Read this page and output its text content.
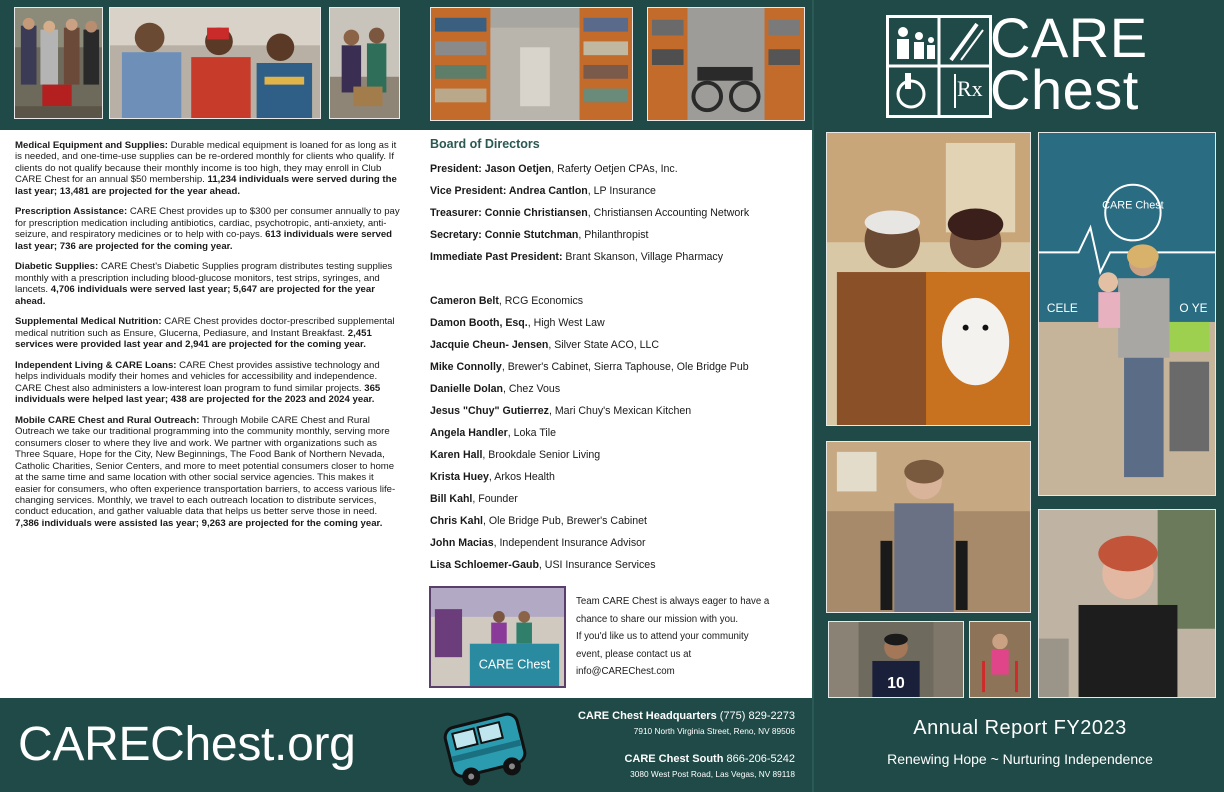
Medical Equipment and Supplies: Durable medical equipment is loaned for as long as it is needed, and one-time-use supplies can be re-ordered monthly for clients who qualify. If clients do not qualify because their monthly income is too high, they may enroll in Club CARE Chest for an annual $50 membership. 11,234 individuals were served during the last year; 13,481 are projected for the year ahead.

Prescription Assistance: CARE Chest provides up to $300 per consumer annually to pay for prescription medication including antibiotics, cardiac, psychotropic, anti-anxiety, anti-seizure, and respiratory medicines or to help with co-pays. 613 individuals were served last year; 736 are projected for the coming year.

Diabetic Supplies: CARE Chest's Diabetic Supplies program distributes testing supplies monthly with a prescription including blood-glucose monitors, test strips, syringes, and lancets. 4,706 individuals were served last year; 5,647 are projected for the year ahead.

Supplemental Medical Nutrition: CARE Chest provides doctor-prescribed supplemental medical nutrition such as Ensure, Glucerna, Pediasure, and Instant Breakfast. 2,451 services were provided last year and 2,941 are projected for the coming year.

Independent Living & CARE Loans: CARE Chest provides assistive technology and helps individuals modify their homes and vehicles for accessibility and independence. CARE Chest also administers a low-interest loan program to fund similar projects. 365 individuals were helped last year; 438 are projected for the 2023 and 2024 year.

Mobile CARE Chest and Rural Outreach: Through Mobile CARE Chest and Rural Outreach we take our traditional programming into the community monthly, serving more consumers closer to where they live and work. We partner with organizations such as Three Square, Hope for the City, New Beginnings, The Food Bank of Northern Nevada, Catholic Charities, Senior Centers, and more to meet potential consumers closer to home at the same time and same location with other social service agencies. This makes it easier for consumers, who often experience transportation barriers, to access various life-changing services. Monthly, we travel to each outreach location to distribute services, conduct education, and gather valuable data that helps us better serve those in need. 7,386 individuals were assisted las year; 9,263 are projected for the coming year.

Board of Directors
President: Jason Oetjen, Raferty Oetjen CPAs, Inc.
Vice President: Andrea Cantlon, LP Insurance
Treasurer: Connie Christiansen, Christiansen Accounting Network
Secretary: Connie Stutchman, Philanthropist
Immediate Past President: Brant Skanson, Village Pharmacy
Cameron Belt, RCG Economics
Damon Booth, Esq., High West Law
Jacquie Cheun- Jensen, Silver State ACO, LLC
Mike Connolly, Brewer's Cabinet, Sierra Taphouse, Ole Bridge Pub
Danielle Dolan, Chez Vous
Jesus "Chuy" Gutierrez, Mari Chuy's Mexican Kitchen
Angela Handler, Loka Tile
Karen Hall, Brookdale Senior Living
Krista Huey, Arkos Health
Bill Kahl, Founder
Chris Kahl, Ole Bridge Pub, Brewer's Cabinet
John Macias, Independent Insurance Advisor
Lisa Schloemer-Gaub, USI Insurance Services
CARE Chest
Team CARE Chest is always eager to have a
chance to share our mission with you.
If you'd like us to attend your community
event, please contact us at
info@CAREChest.com
CAREChest.org
CARE Chest Headquarters (775) 829-2273
7910 North Virginia Street, Reno, NV 89506
CARE Chest South 866-206-5242
3080 West Post Road, Las Vegas, NV 89118
Rx
CARE
Chest
CARE Chest
CELE	O YE
10
Annual Report FY2023
Renewing Hope ~ Nurturing Independence
